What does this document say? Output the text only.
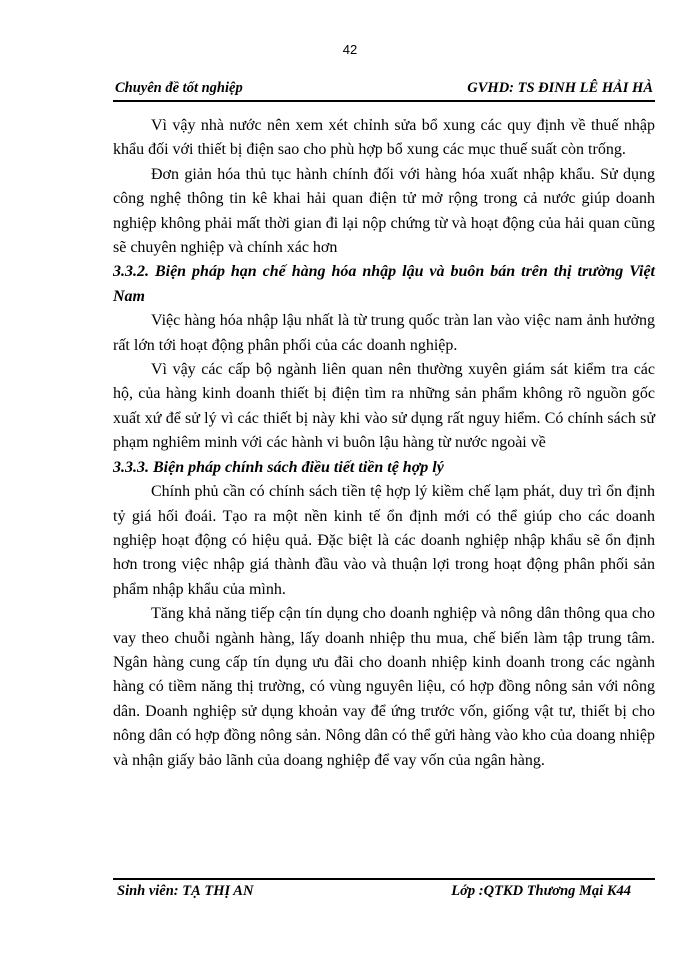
42
Chuyên đề tốt nghiệp	GVHD: TS ĐINH LÊ HẢI HÀ

Vì vậy nhà nước nên xem xét chỉnh sửa bổ xung các quy định về thuế nhập khẩu đối với thiết bị điện sao cho phù hợp bổ xung các mục thuế suất còn trống.

Đơn giản hóa thủ tục hành chính đối với hàng hóa xuất nhập khẩu. Sử dụng công nghệ thông tin kê khai hải quan điện tử mở rộng trong cả nước giúp doanh nghiệp không phải mất thời gian đi lại nộp chứng từ và hoạt động của hải quan cũng sẽ chuyên nghiệp và chính xác hơn

3.3.2. Biện pháp hạn chế hàng hóa nhập lậu và buôn bán trên thị trường Việt Nam

Việc hàng hóa nhập lậu nhất là từ trung quốc tràn lan vào việc nam ảnh hưởng rất lớn tới hoạt động phân phối của các doanh nghiệp.

Vì vậy các cấp bộ ngành liên quan nên thường xuyên giám sát kiểm tra các hộ, của hàng kinh doanh thiết bị điện tìm ra những sản phẩm không rõ nguồn gốc xuất xứ để sử lý vì các thiết bị này khi vào sử dụng rất nguy hiểm. Có chính sách sử phạm nghiêm minh với các hành vi buôn lậu hàng từ nước ngoài về

3.3.3. Biện pháp chính sách điều tiết tiền tệ hợp lý

Chính phủ cần có chính sách tiền tệ hợp lý kiềm chế lạm phát, duy trì ổn định tỷ giá hối đoái. Tạo ra một nền kinh tế ổn định mới có thể giúp cho các doanh nghiệp hoạt động có hiệu quả. Đặc biệt là các doanh nghiệp nhập khẩu sẽ ổn định hơn trong việc nhập giá thành đầu vào và thuận lợi trong hoạt động phân phối sản phẩm nhập khẩu của mình.

Tăng khả năng tiếp cận tín dụng cho doanh nghiệp và nông dân thông qua cho vay theo chuỗi ngành hàng, lấy doanh nhiệp thu mua, chế biến làm tập trung tâm. Ngân hàng cung cấp tín dụng ưu đãi cho doanh nhiệp kinh doanh trong các ngành hàng có tiềm năng thị trường, có vùng nguyên liệu, có hợp đồng nông sản với nông dân. Doanh nghiệp sử dụng khoản vay để ứng trước vốn, giống vật tư, thiết bị cho nông dân có hợp đồng nông sản. Nông dân có thể gửi hàng vào kho của doang nhiệp và nhận giấy bảo lãnh của doang nghiệp để vay vốn của ngân hàng.

Sinh viên: TẠ THỊ AN	Lớp :QTKD Thương Mại K44
